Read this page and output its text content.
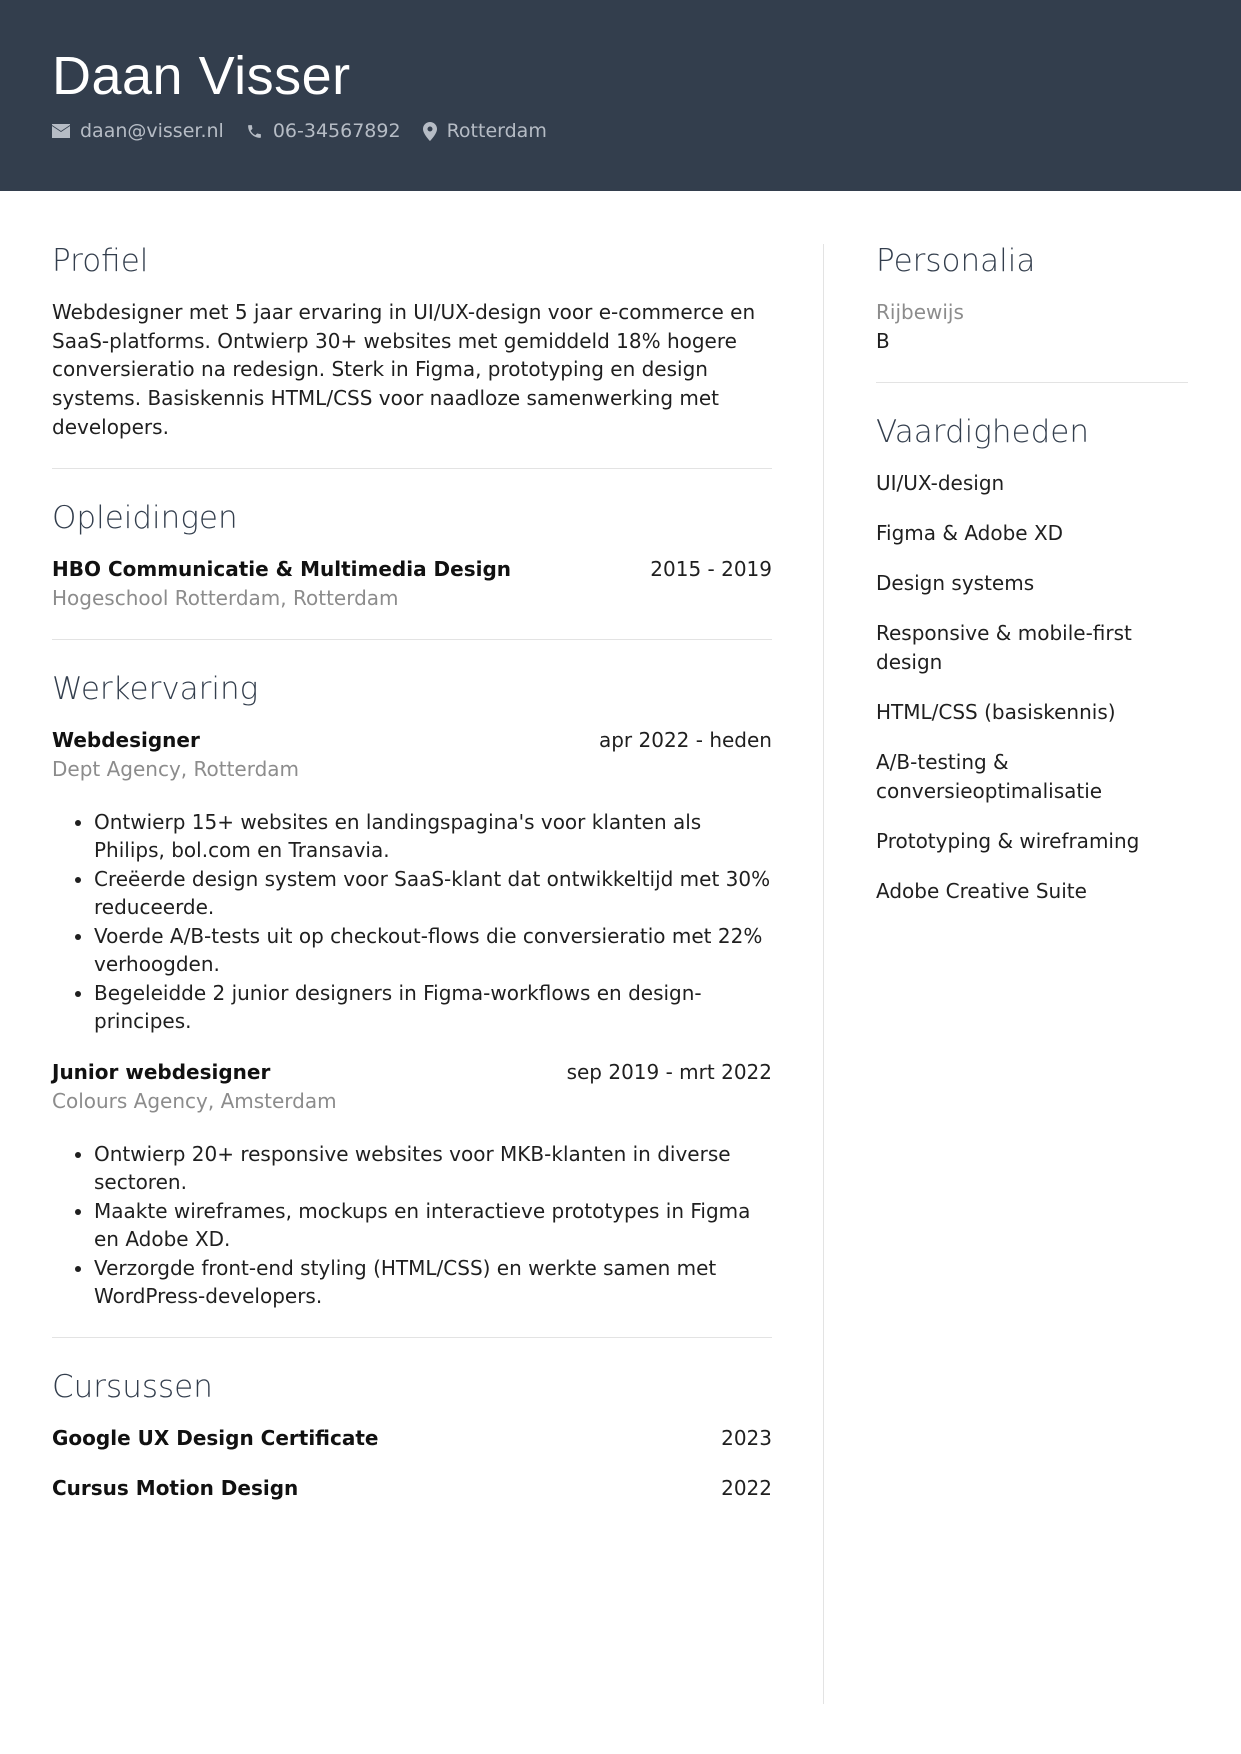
Daan Visser
daan@visser.nl	06-34567892 Rotterdam
Profiel

Webdesigner met 5 jaar ervaring in UI/UX-design voor e-commerce en SaaS-platforms. Ontwierp 30+ websites met gemiddeld 18% hogere conversieratio na redesign. Sterk in Figma, prototyping en design systems. Basiskennis HTML/CSS voor naadloze samenwerking met developers.

Opleidingen
HBO Communicatie & Multimedia Design	2015 - 2019
Hogeschool Rotterdam, Rotterdam
Werkervaring
Webdesigner	apr 2022 - heden
Dept Agency, Rotterdam
• Ontwierp 15+ websites en landingspagina's voor klanten als Philips, bol.com en Transavia.
• Creëerde design system voor SaaS-klant dat ontwikkeltijd met 30% reduceerde.
• Voerde A/B-tests uit op checkout-flows die conversieratio met 22% verhoogden.
• Begeleidde 2 junior designers in Figma-workflows en design-principes.
Junior webdesigner	sep 2019 - mrt 2022
Colours Agency, Amsterdam
• Ontwierp 20+ responsive websites voor MKB-klanten in diverse sectoren.
• Maakte wireframes, mockups en interactieve prototypes in Figma en Adobe XD.
• Verzorgde front-end styling (HTML/CSS) en werkte samen met WordPress-developers.
Cursussen
Google UX Design Certificate	2023
Cursus Motion Design	2022
Personalia
Rijbewijs
B
Vaardigheden
UI/UX-design
Figma & Adobe XD
Design systems
Responsive & mobile-first design
HTML/CSS (basiskennis)
A/B-testing & conversieoptimalisatie
Prototyping & wireframing
Adobe Creative Suite
